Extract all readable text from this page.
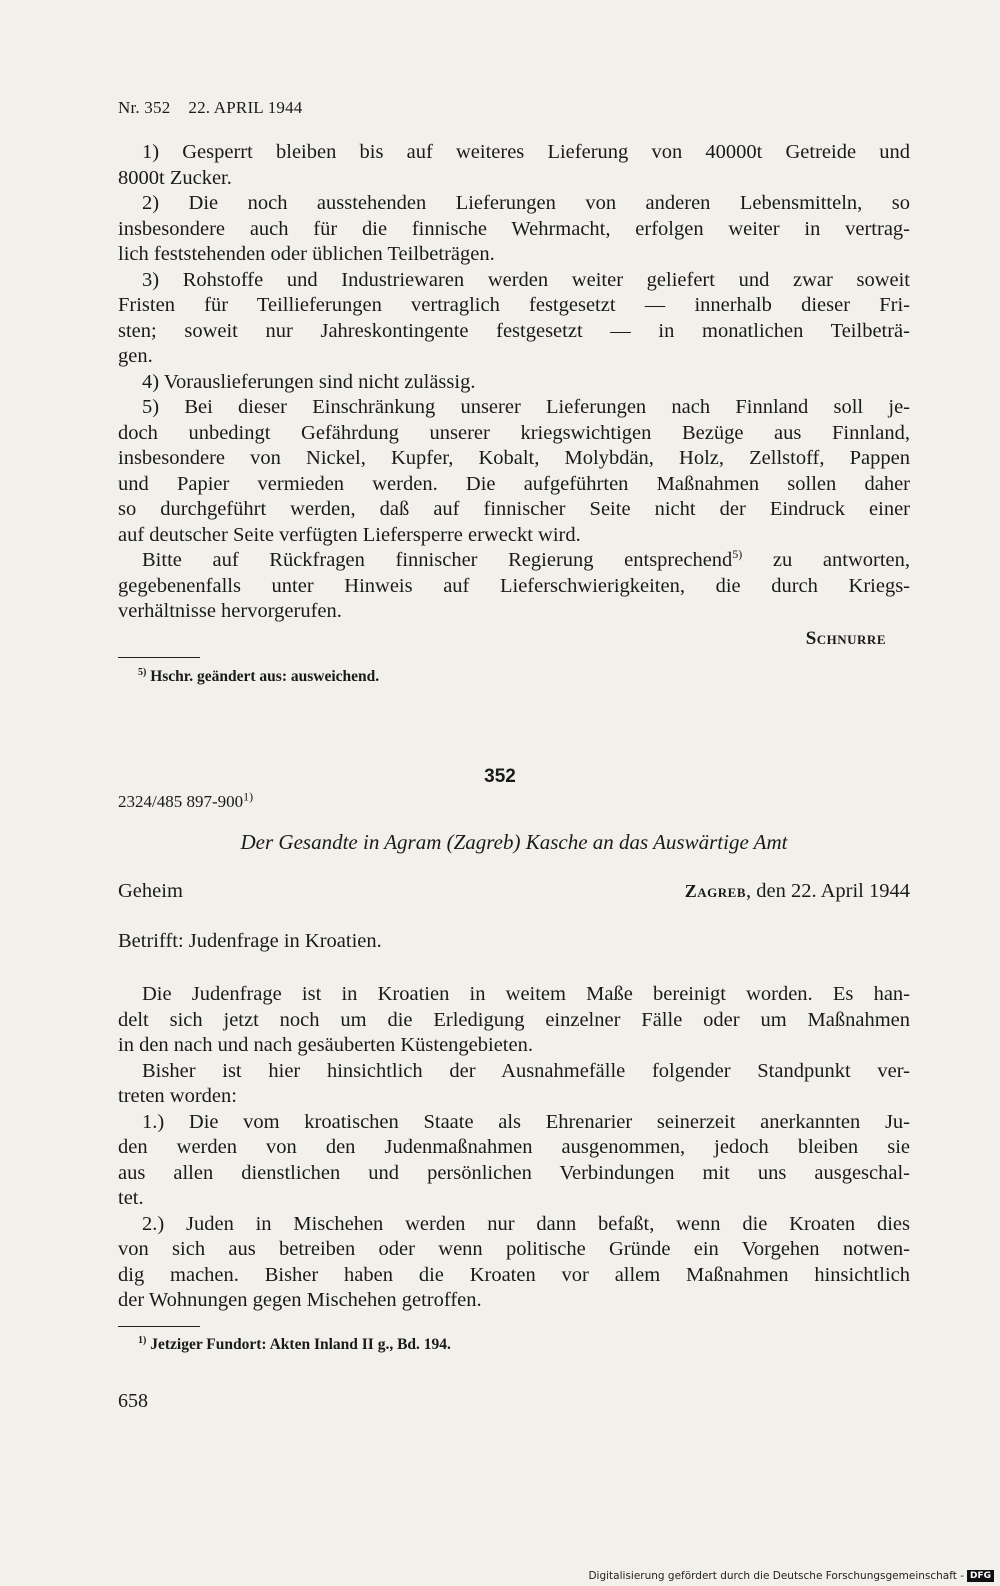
Nr. 352 22. APRIL 1944
1) Gesperrt bleiben bis auf weiteres Lieferung von 40000t Getreide und
8000t Zucker.
2) Die noch ausstehenden Lieferungen von anderen Lebensmitteln, so
insbesondere auch für die finnische Wehrmacht, erfolgen weiter in vertrag-
lich feststehenden oder üblichen Teilbeträgen.
3) Rohstoffe und Industriewaren werden weiter geliefert und zwar soweit
Fristen für Teillieferungen vertraglich festgesetzt — innerhalb dieser Fri-
sten; soweit nur Jahreskontingente festgesetzt — in monatlichen Teilbeträ-
gen.
4) Vorauslieferungen sind nicht zulässig.
5) Bei dieser Einschränkung unserer Lieferungen nach Finnland soll je-
doch unbedingt Gefährdung unserer kriegswichtigen Bezüge aus Finnland,
insbesondere von Nickel, Kupfer, Kobalt, Molybdän, Holz, Zellstoff, Pappen
und Papier vermieden werden. Die aufgeführten Maßnahmen sollen daher
so durchgeführt werden, daß auf finnischer Seite nicht der Eindruck einer
auf deutscher Seite verfügten Liefersperre erweckt wird.
Bitte auf Rückfragen finnischer Regierung entsprechend$^{5)}$ zu antworten,
gegebenenfalls unter Hinweis auf Lieferschwierigkeiten, die durch Kriegs-
verhältnisse hervorgerufen.
Schnurre
$^{5)}$ Hschr. geändert aus: ausweichend.
352
2324/485 897-900$^{1)}$
Der Gesandte in Agram (Zagreb) Kasche an das Auswärtige Amt
Geheim	Zagreb, den 22. April 1944
Betrifft: Judenfrage in Kroatien.
Die Judenfrage ist in Kroatien in weitem Maße bereinigt worden. Es han-
delt sich jetzt noch um die Erledigung einzelner Fälle oder um Maßnahmen
in den nach und nach gesäuberten Küstengebieten.
Bisher ist hier hinsichtlich der Ausnahmefälle folgender Standpunkt ver-
treten worden:
1.) Die vom kroatischen Staate als Ehrenarier seinerzeit anerkannten Ju-
den werden von den Judenmaßnahmen ausgenommen, jedoch bleiben sie
aus allen dienstlichen und persönlichen Verbindungen mit uns ausgeschal-
tet.
2.) Juden in Mischehen werden nur dann befaßt, wenn die Kroaten dies
von sich aus betreiben oder wenn politische Gründe ein Vorgehen notwen-
dig machen. Bisher haben die Kroaten vor allem Maßnahmen hinsichtlich
der Wohnungen gegen Mischehen getroffen.
$^{1)}$ Jetziger Fundort: Akten Inland II g., Bd. 194.
658
Digitalisierung gefördert durch die Deutsche Forschungsgemeinschaft - DFG
